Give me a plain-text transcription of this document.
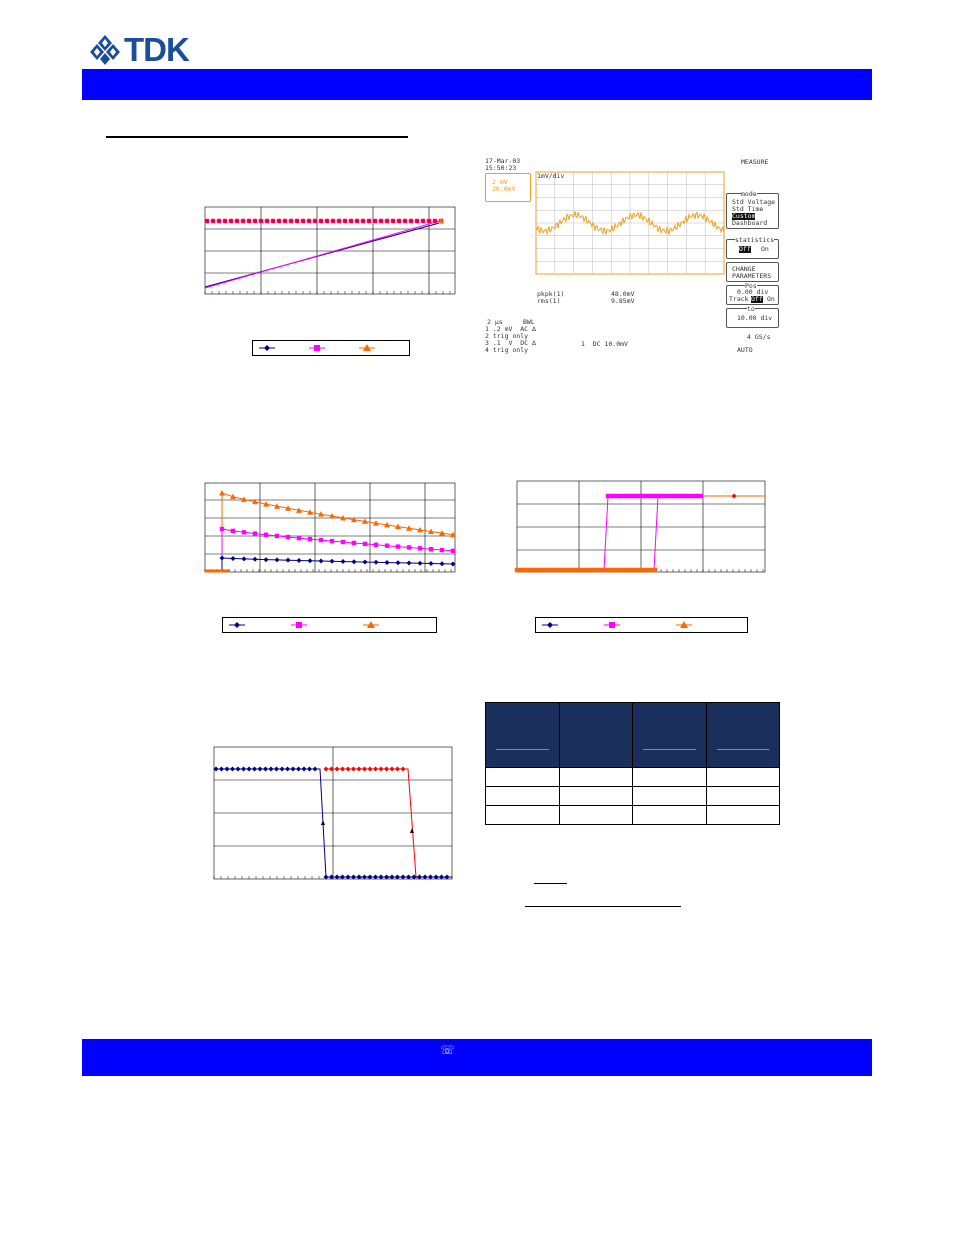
TDK
17-Mar-03
15:50:23
MEASURE
2 mV
20.0mV
1mV/div
pkpk(1)	48.0mV
rms(1)	9.85mV
2 μs	BWL
1 .2 mV  AC ∆
2 trig only
3 .1  V  DC ∆
4 trig only
1  DC 10.0mV
4 GS/s
AUTO
mode
Std Voltage
Std Time
Custom
Dashboard
statistics
Off On
CHANGE
PARAMETERS
Pos
0.00 div
Track Off On
to
10.00 div

☏
